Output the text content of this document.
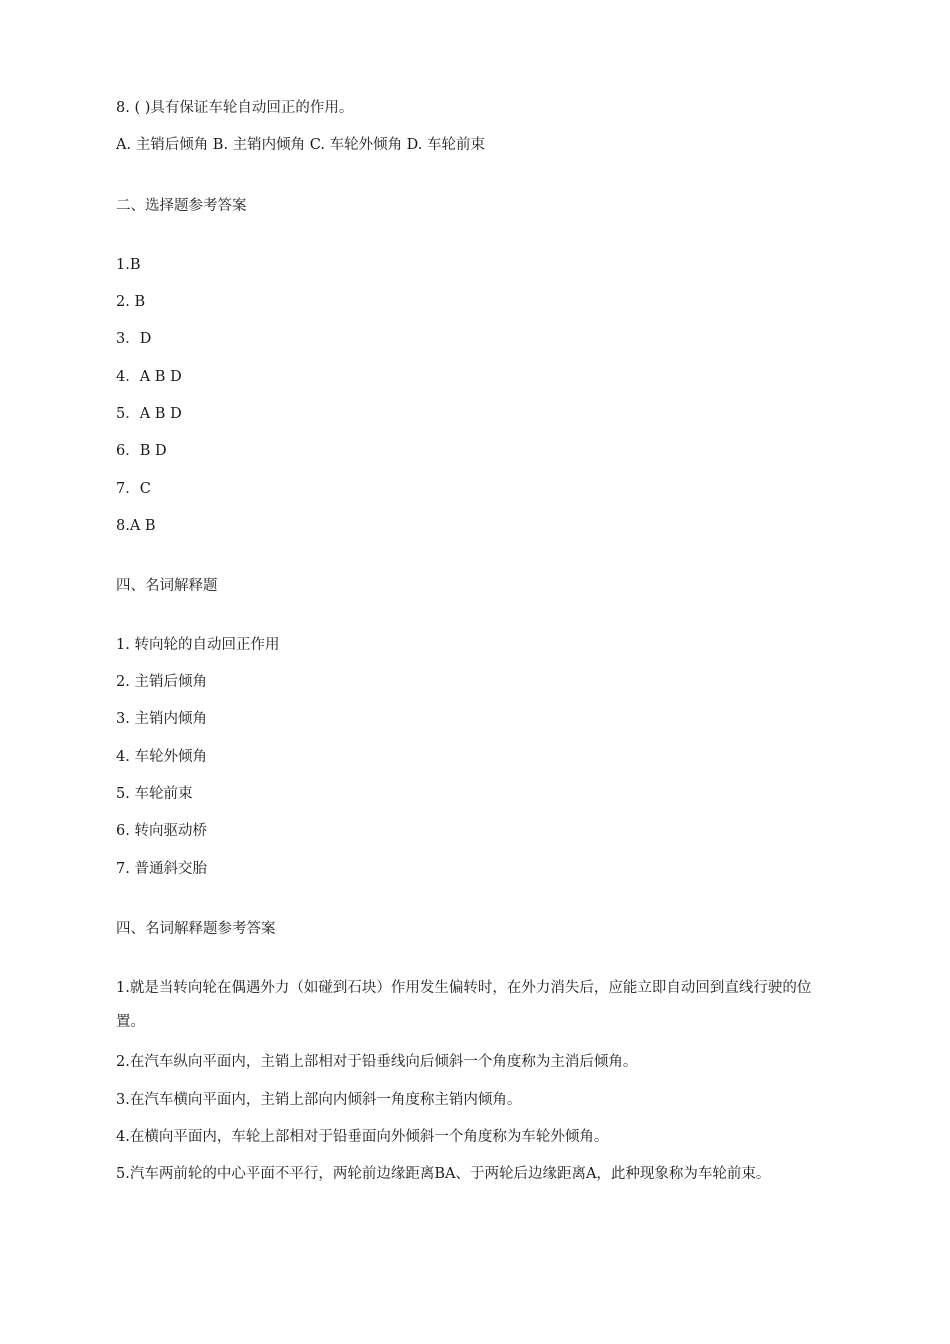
8. ( )具有保证车轮自动回正的作用。
A. 主销后倾角 B. 主销内倾角 C. 车轮外倾角 D. 车轮前束
二、选择题参考答案
1.B
2. B
3．D
4．A B D
5．A B D
6．B D
7．C
8.A B
四、名词解释题
1. 转向轮的自动回正作用
2. 主销后倾角
3. 主销内倾角
4. 车轮外倾角
5. 车轮前束
6. 转向驱动桥
7. 普通斜交胎
四、名词解释题参考答案
1.就是当转向轮在偶遇外力（如碰到石块）作用发生偏转时，在外力消失后，应能立即自动回到直线行驶的位置。
2.在汽车纵向平面内，主销上部相对于铅垂线向后倾斜一个角度称为主消后倾角。
3.在汽车横向平面内，主销上部向内倾斜一角度称主销内倾角。
4.在横向平面内，车轮上部相对于铅垂面向外倾斜一个角度称为车轮外倾角。
5.汽车两前轮的中心平面不平行，两轮前边缘距离BA、于两轮后边缘距离A，此种现象称为车轮前束。
